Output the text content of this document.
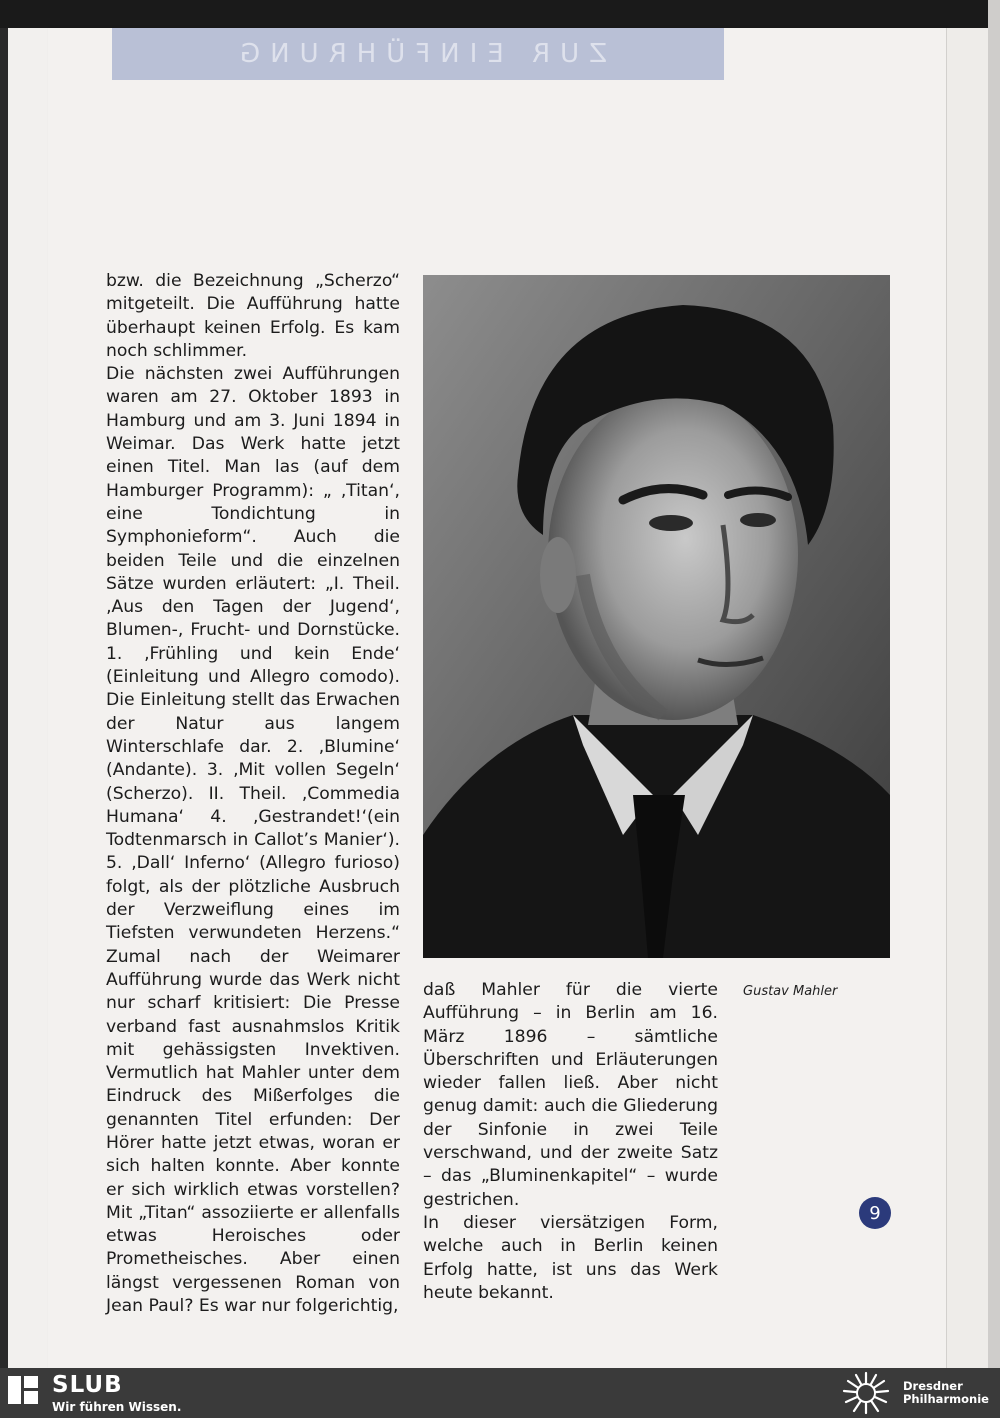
ZUR EINFÜHRUNG

bzw. die Bezeichnung „Scherzo“ mitgeteilt. Die Aufführung hatte überhaupt keinen Erfolg. Es kam noch schlimmer.

Die nächsten zwei Aufführungen waren am 27. Oktober 1893 in Hamburg und am 3. Juni 1894 in Weimar. Das Werk hatte jetzt einen Titel. Man las (auf dem Hamburger Programm): „ ‚Titan‘, eine Tondichtung in Symphonieform“. Auch die beiden Teile und die einzelnen Sätze wurden erläutert: „I. Theil. ‚Aus den Tagen der Jugend‘, Blumen-, Frucht- und Dornstücke. 1. ‚Frühling und kein Ende‘ (Einleitung und Allegro comodo). Die Einleitung stellt das Erwachen der Natur aus langem Winterschlafe dar. 2. ‚Blumine‘ (Andante). 3. ‚Mit vollen Segeln‘ (Scherzo). II. Theil. ‚Commedia Humana‘ 4. ‚Gestrandet!‘(ein Todtenmarsch in Callot’s Manier‘). 5. ‚Dall‘ Inferno‘ (Allegro furioso) folgt, als der plötzliche Ausbruch der Verzweiflung eines im Tiefsten verwundeten Herzens.“ Zumal nach der Weimarer Aufführung wurde das Werk nicht nur scharf kritisiert: Die Presse verband fast ausnahmslos Kritik mit gehässigsten Invektiven. Vermutlich hat Mahler unter dem Eindruck des Mißerfolges die genannten Titel erfunden: Der Hörer hatte jetzt etwas, woran er sich halten konnte. Aber konnte er sich wirklich etwas vorstellen? Mit „Titan“ assoziierte er allenfalls etwas Heroisches oder Prometheisches. Aber einen längst vergessenen Roman von Jean Paul? Es war nur folgerichtig,

Gustav Mahler

daß Mahler für die vierte Aufführung – in Berlin am 16. März 1896 – sämtliche Überschriften und Erläuterungen wieder fallen ließ. Aber nicht genug damit: auch die Gliederung der Sinfonie in zwei Teile verschwand, und der zweite Satz – das „Bluminenkapitel“ – wurde gestrichen.

In dieser viersätzigen Form, welche auch in Berlin keinen Erfolg hatte, ist uns das Werk heute bekannt.

9
SLUB
Wir führen Wissen.
Dresdner
Philharmonie
